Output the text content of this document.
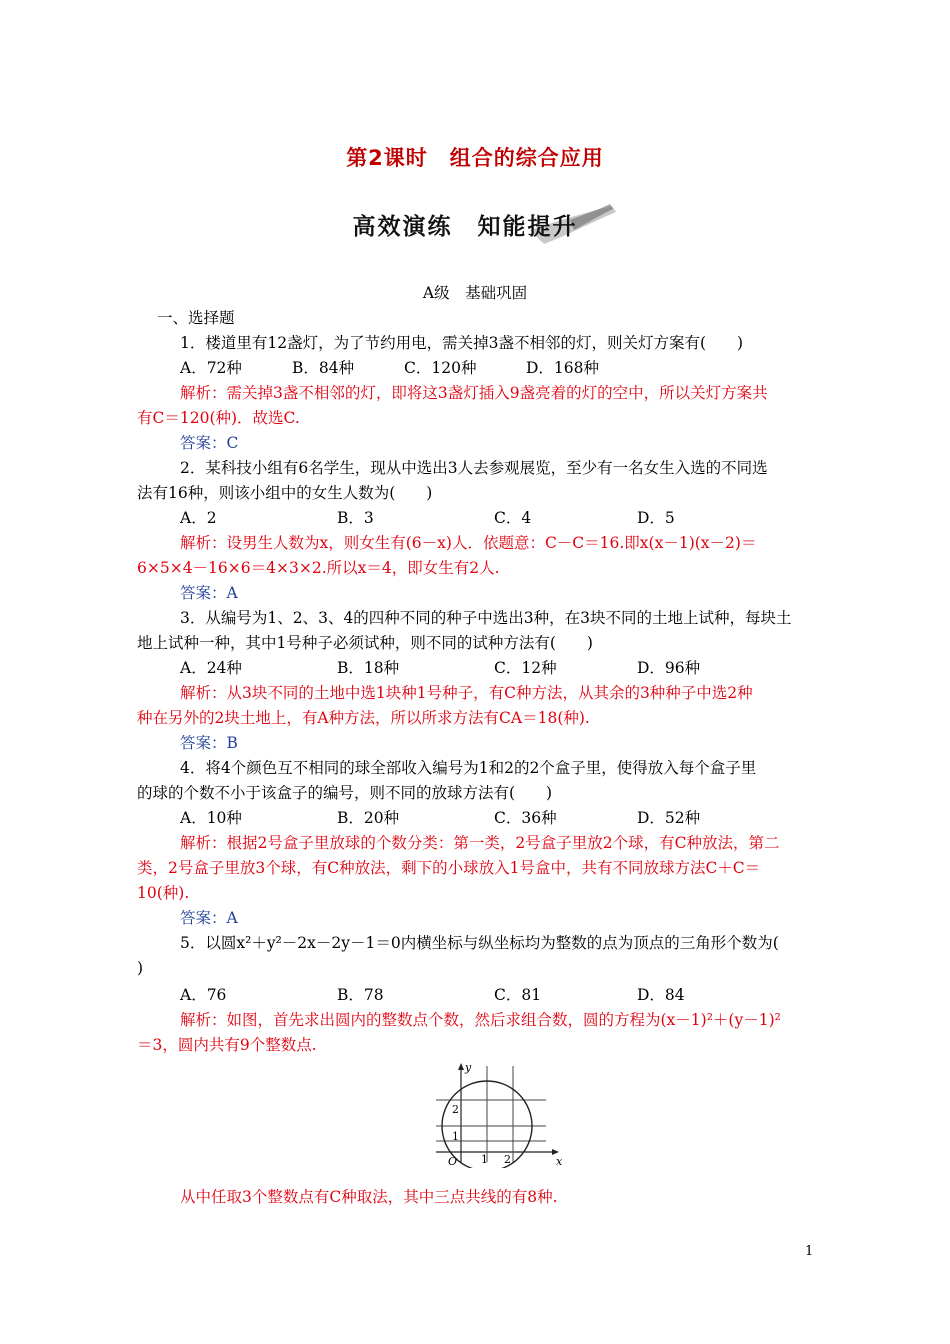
第2课时　组合的综合应用
高效演练　知能提升
A级　基础巩固
一、选择题
1．楼道里有12盏灯，为了节约用电，需关掉3盏不相邻的灯，则关灯方案有(　　)
A．72种	B．84种	C．120种	D．168种
解析：需关掉3盏不相邻的灯，即将这3盏灯插入9盏亮着的灯的空中，所以关灯方案共
有C＝120(种)．故选C.
答案：C
2．某科技小组有6名学生，现从中选出3人去参观展览，至少有一名女生入选的不同选
法有16种，则该小组中的女生人数为(　　)
A．2	B．3	C．4	D．5
解析：设男生人数为x，则女生有(6－x)人．依题意：C－C＝16.即x(x－1)(x－2)＝
6×5×4－16×6＝4×3×2.所以x＝4，即女生有2人.
答案：A
3．从编号为1、2、3、4的四种不同的种子中选出3种，在3块不同的土地上试种，每块土
地上试种一种，其中1号种子必须试种，则不同的试种方法有(　　)
A．24种	B．18种	C．12种	D．96种
解析：从3块不同的土地中选1块种1号种子，有C种方法，从其余的3种种子中选2种
种在另外的2块土地上，有A种方法，所以所求方法有CA＝18(种).
答案：B
4．将4个颜色互不相同的球全部收入编号为1和2的2个盒子里，使得放入每个盒子里
的球的个数不小于该盒子的编号，则不同的放球方法有(　　)
A．10种	B．20种	C．36种	D．52种
解析：根据2号盒子里放球的个数分类：第一类，2号盒子里放2个球，有C种放法，第二
类，2号盒子里放3个球，有C种放法，剩下的小球放入1号盒中，共有不同放球方法C＋C＝
10(种).
答案：A
5．以圆x²＋y²－2x－2y－1＝0内横坐标与纵坐标均为整数的点为顶点的三角形个数为(
)
A．76	B．78	C．81	D．84
解析：如图，首先求出圆内的整数点个数，然后求组合数，圆的方程为(x－1)²＋(y－1)²
＝3，圆内共有9个整数点.
y
x
O 1 2
1
2
从中任取3个整数点有C种取法，其中三点共线的有8种.
1
